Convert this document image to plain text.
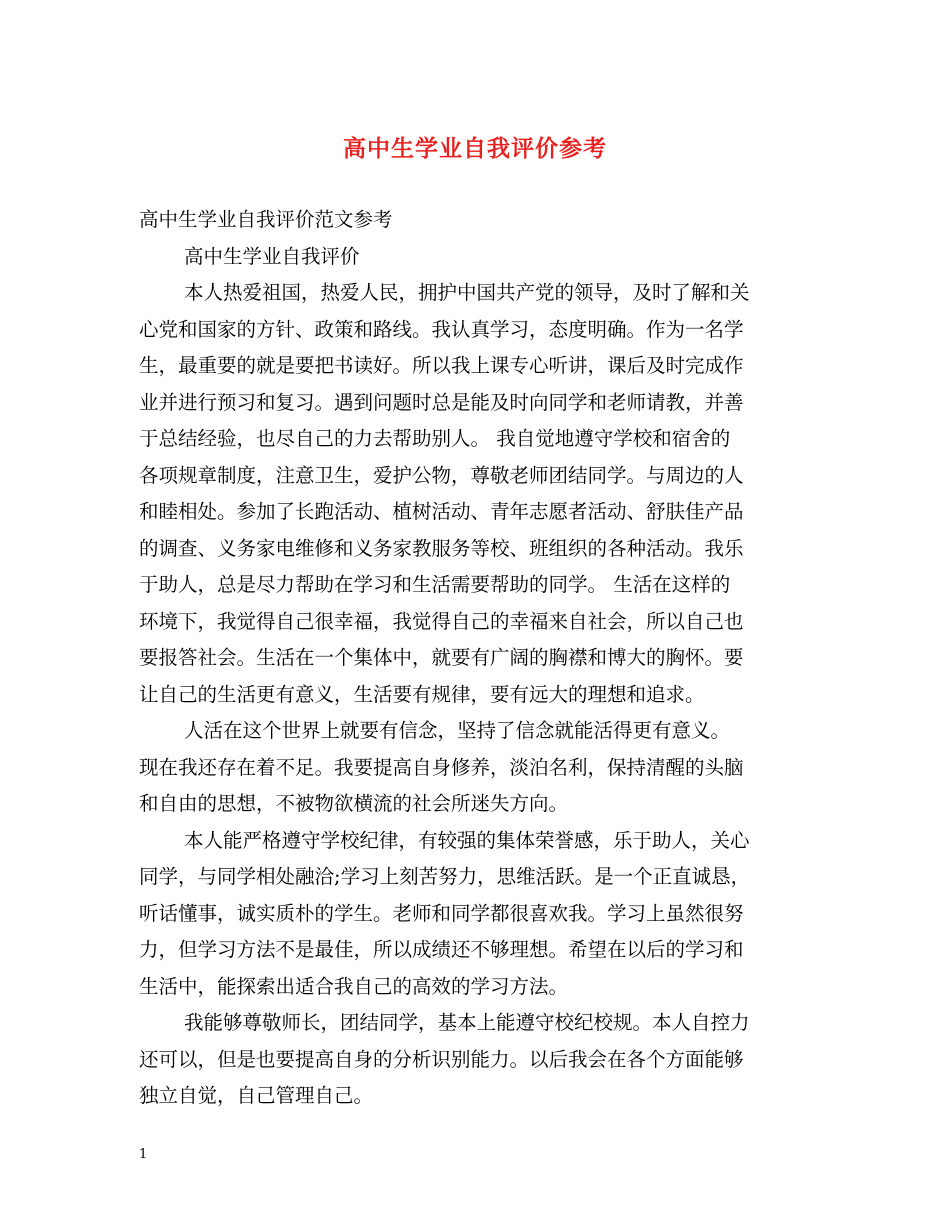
高中生学业自我评价参考
高中生学业自我评价范文参考
高中生学业自我评价
本人热爱祖国，热爱人民，拥护中国共产党的领导，及时了解和关
心党和国家的方针、政策和路线。我认真学习，态度明确。作为一名学
生，最重要的就是要把书读好。所以我上课专心听讲，课后及时完成作
业并进行预习和复习。遇到问题时总是能及时向同学和老师请教，并善
于总结经验，也尽自己的力去帮助别人。 我自觉地遵守学校和宿舍的
各项规章制度，注意卫生，爱护公物，尊敬老师团结同学。与周边的人
和睦相处。参加了长跑活动、植树活动、青年志愿者活动、舒肤佳产品
的调查、义务家电维修和义务家教服务等校、班组织的各种活动。我乐
于助人，总是尽力帮助在学习和生活需要帮助的同学。 生活在这样的
环境下，我觉得自己很幸福，我觉得自己的幸福来自社会，所以自己也
要报答社会。生活在一个集体中，就要有广阔的胸襟和博大的胸怀。要
让自己的生活更有意义，生活要有规律，要有远大的理想和追求。
人活在这个世界上就要有信念，坚持了信念就能活得更有意义。
现在我还存在着不足。我要提高自身修养，淡泊名利，保持清醒的头脑
和自由的思想，不被物欲横流的社会所迷失方向。
本人能严格遵守学校纪律，有较强的集体荣誉感，乐于助人，关心
同学，与同学相处融洽;学习上刻苦努力，思维活跃。是一个正直诚恳，
听话懂事，诚实质朴的学生。老师和同学都很喜欢我。学习上虽然很努
力，但学习方法不是最佳，所以成绩还不够理想。希望在以后的学习和
生活中，能探索出适合我自己的高效的学习方法。
我能够尊敬师长，团结同学，基本上能遵守校纪校规。本人自控力
还可以，但是也要提高自身的分析识别能力。以后我会在各个方面能够
独立自觉，自己管理自己。
1
